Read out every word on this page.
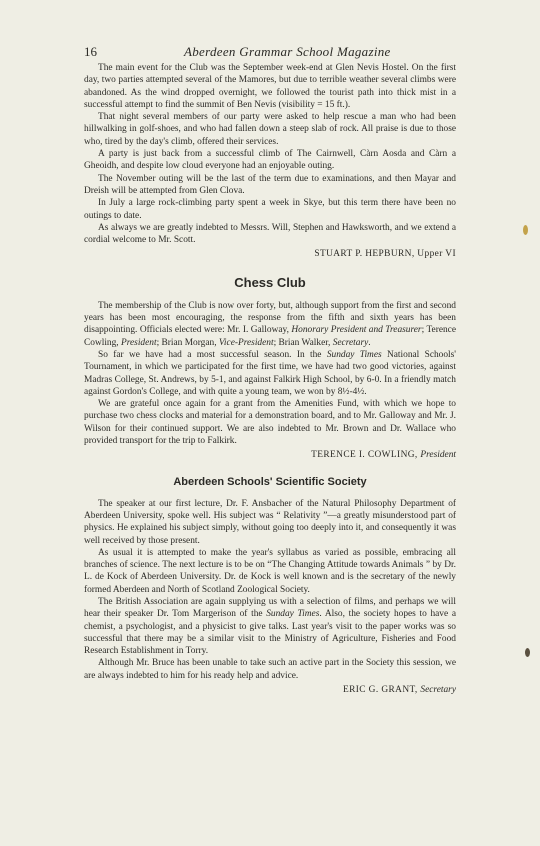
16	Aberdeen Grammar School Magazine

The main event for the Club was the September week-end at Glen Nevis Hostel. On the first day, two parties attempted several of the Mamores, but due to terrible weather several climbs were abandoned. As the wind dropped overnight, we followed the tourist path into thick mist in a successful attempt to find the summit of Ben Nevis (visibility = 15 ft.).

That night several members of our party were asked to help rescue a man who had been hillwalking in golf-shoes, and who had fallen down a steep slab of rock. All praise is due to those who, tired by the day's climb, offered their services.

A party is just back from a successful climb of The Cairnwell, Càrn Aosda and Càrn a Gheoidh, and despite low cloud everyone had an enjoyable outing.

The November outing will be the last of the term due to examinations, and then Mayar and Dreish will be attempted from Glen Clova.

In July a large rock-climbing party spent a week in Skye, but this term there have been no outings to date.

As always we are greatly indebted to Messrs. Will, Stephen and Hawksworth, and we extend a cordial welcome to Mr. Scott.

STUART P. HEPBURN, Upper VI
Chess Club

The membership of the Club is now over forty, but, although support from the first and second years has been most encouraging, the response from the fifth and sixth years has been disappointing. Officials elected were: Mr. I. Galloway, Honorary President and Treasurer; Terence Cowling, President; Brian Morgan, Vice-President; Brian Walker, Secretary.

So far we have had a most successful season. In the Sunday Times National Schools' Tournament, in which we participated for the first time, we have had two good victories, against Madras College, St. Andrews, by 5-1, and against Falkirk High School, by 6-0. In a friendly match against Gordon's College, and with quite a young team, we won by 8½-4½.

We are grateful once again for a grant from the Amenities Fund, with which we hope to purchase two chess clocks and material for a demonstration board, and to Mr. Galloway and Mr. J. Wilson for their continued support. We are also indebted to Mr. Brown and Dr. Wallace who provided transport for the trip to Falkirk.

TERENCE I. COWLING, President
Aberdeen Schools' Scientific Society

The speaker at our first lecture, Dr. F. Ansbacher of the Natural Philosophy Department of Aberdeen University, spoke well. His subject was “ Relativity ”—a greatly misunderstood part of physics. He explained his subject simply, without going too deeply into it, and consequently it was well received by those present.

As usual it is attempted to make the year's syllabus as varied as possible, embracing all branches of science. The next lecture is to be on “The Changing Attitude towards Animals ” by Dr. L. de Kock of Aberdeen University. Dr. de Kock is well known and is the secretary of the newly formed Aberdeen and North of Scotland Zoological Society.

The British Association are again supplying us with a selection of films, and perhaps we will hear their speaker Dr. Tom Margerison of the Sunday Times. Also, the society hopes to have a chemist, a psychologist, and a physicist to give talks. Last year's visit to the paper works was so successful that there may be a similar visit to the Ministry of Agriculture, Fisheries and Food Research Establishment in Torry.

Although Mr. Bruce has been unable to take such an active part in the Society this session, we are always indebted to him for his ready help and advice.

ERIC G. GRANT, Secretary
